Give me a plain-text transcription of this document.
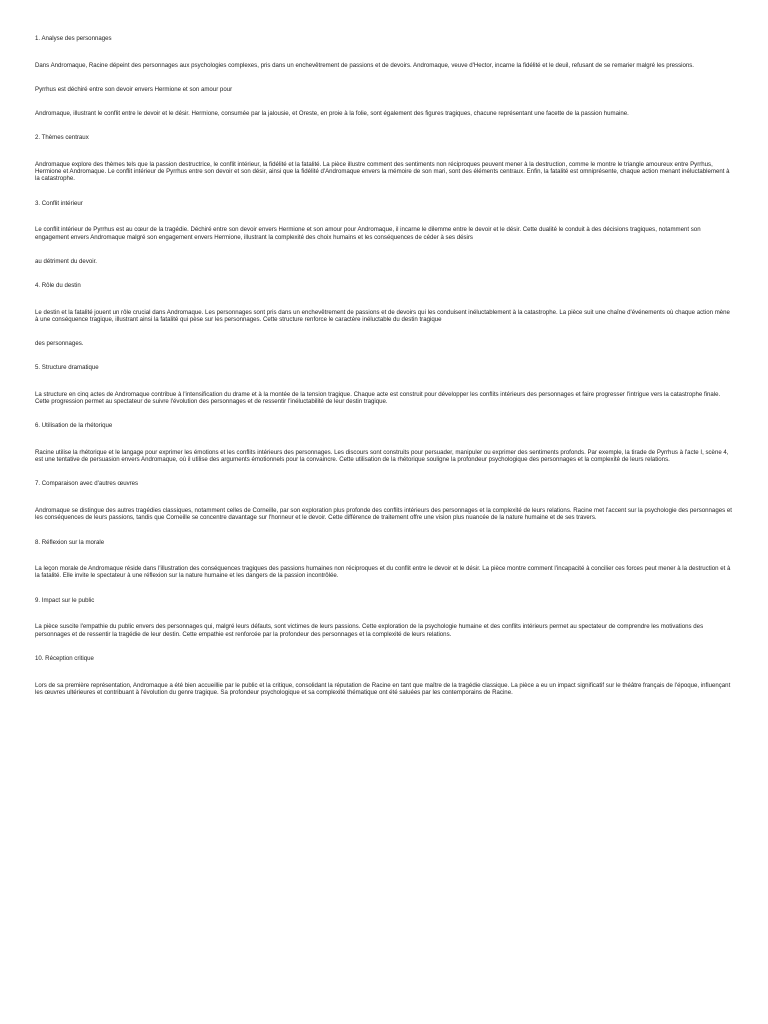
1. Analyse des personnages

Dans Andromaque, Racine dépeint des personnages aux psychologies complexes, pris dans un enchevêtrement de passions et de devoirs. Andromaque, veuve d'Hector, incarne la fidélité et le deuil, refusant de se remarier malgré les pressions.

Pyrrhus est déchiré entre son devoir envers Hermione et son amour pour

Andromaque, illustrant le conflit entre le devoir et le désir. Hermione, consumée par la jalousie, et Oreste, en proie à la folie, sont également des figures tragiques, chacune représentant une facette de la passion humaine.

2. Thèmes centraux

Andromaque explore des thèmes tels que la passion destructrice, le conflit intérieur, la fidélité et la fatalité. La pièce illustre comment des sentiments non réciproques peuvent mener à la destruction, comme le montre le triangle amoureux entre Pyrrhus, Hermione et Andromaque. Le conflit intérieur de Pyrrhus entre son devoir et son désir, ainsi que la fidélité d'Andromaque envers la mémoire de son mari, sont des éléments centraux. Enfin, la fatalité est omniprésente, chaque action menant inéluctablement à la catastrophe.

3. Conflit intérieur

Le conflit intérieur de Pyrrhus est au cœur de la tragédie. Déchiré entre son devoir envers Hermione et son amour pour Andromaque, il incarne le dilemme entre le devoir et le désir. Cette dualité le conduit à des décisions tragiques, notamment son engagement envers Andromaque malgré son engagement envers Hermione, illustrant la complexité des choix humains et les conséquences de céder à ses désirs

au détriment du devoir.

4. Rôle du destin

Le destin et la fatalité jouent un rôle crucial dans Andromaque. Les personnages sont pris dans un enchevêtrement de passions et de devoirs qui les conduisent inéluctablement à la catastrophe. La pièce suit une chaîne d'événements où chaque action mène à une conséquence tragique, illustrant ainsi la fatalité qui pèse sur les personnages. Cette structure renforce le caractère inéluctable du destin tragique

des personnages.

5. Structure dramatique

La structure en cinq actes de Andromaque contribue à l'intensification du drame et à la montée de la tension tragique. Chaque acte est construit pour développer les conflits intérieurs des personnages et faire progresser l'intrigue vers la catastrophe finale. Cette progression permet au spectateur de suivre l'évolution des personnages et de ressentir l'inéluctabilité de leur destin tragique.

6. Utilisation de la rhétorique

Racine utilise la rhétorique et le langage pour exprimer les émotions et les conflits intérieurs des personnages. Les discours sont construits pour persuader, manipuler ou exprimer des sentiments profonds. Par exemple, la tirade de Pyrrhus à l'acte I, scène 4, est une tentative de persuasion envers Andromaque, où il utilise des arguments émotionnels pour la convaincre. Cette utilisation de la rhétorique souligne la profondeur psychologique des personnages et la complexité de leurs relations.

7. Comparaison avec d'autres œuvres

Andromaque se distingue des autres tragédies classiques, notamment celles de Corneille, par son exploration plus profonde des conflits intérieurs des personnages et la complexité de leurs relations. Racine met l'accent sur la psychologie des personnages et les conséquences de leurs passions, tandis que Corneille se concentre davantage sur l'honneur et le devoir. Cette différence de traitement offre une vision plus nuancée de la nature humaine et de ses travers.

8. Réflexion sur la morale

La leçon morale de Andromaque réside dans l'illustration des conséquences tragiques des passions humaines non réciproques et du conflit entre le devoir et le désir. La pièce montre comment l'incapacité à concilier ces forces peut mener à la destruction et à la fatalité. Elle invite le spectateur à une réflexion sur la nature humaine et les dangers de la passion incontrôlée.

9. Impact sur le public

La pièce suscite l'empathie du public envers des personnages qui, malgré leurs défauts, sont victimes de leurs passions. Cette exploration de la psychologie humaine et des conflits intérieurs permet au spectateur de comprendre les motivations des personnages et de ressentir la tragédie de leur destin. Cette empathie est renforcée par la profondeur des personnages et la complexité de leurs relations.

10. Réception critique

Lors de sa première représentation, Andromaque a été bien accueillie par le public et la critique, consolidant la réputation de Racine en tant que maître de la tragédie classique. La pièce a eu un impact significatif sur le théâtre français de l'époque, influençant les œuvres ultérieures et contribuant à l'évolution du genre tragique. Sa profondeur psychologique et sa complexité thématique ont été saluées par les contemporains de Racine.
